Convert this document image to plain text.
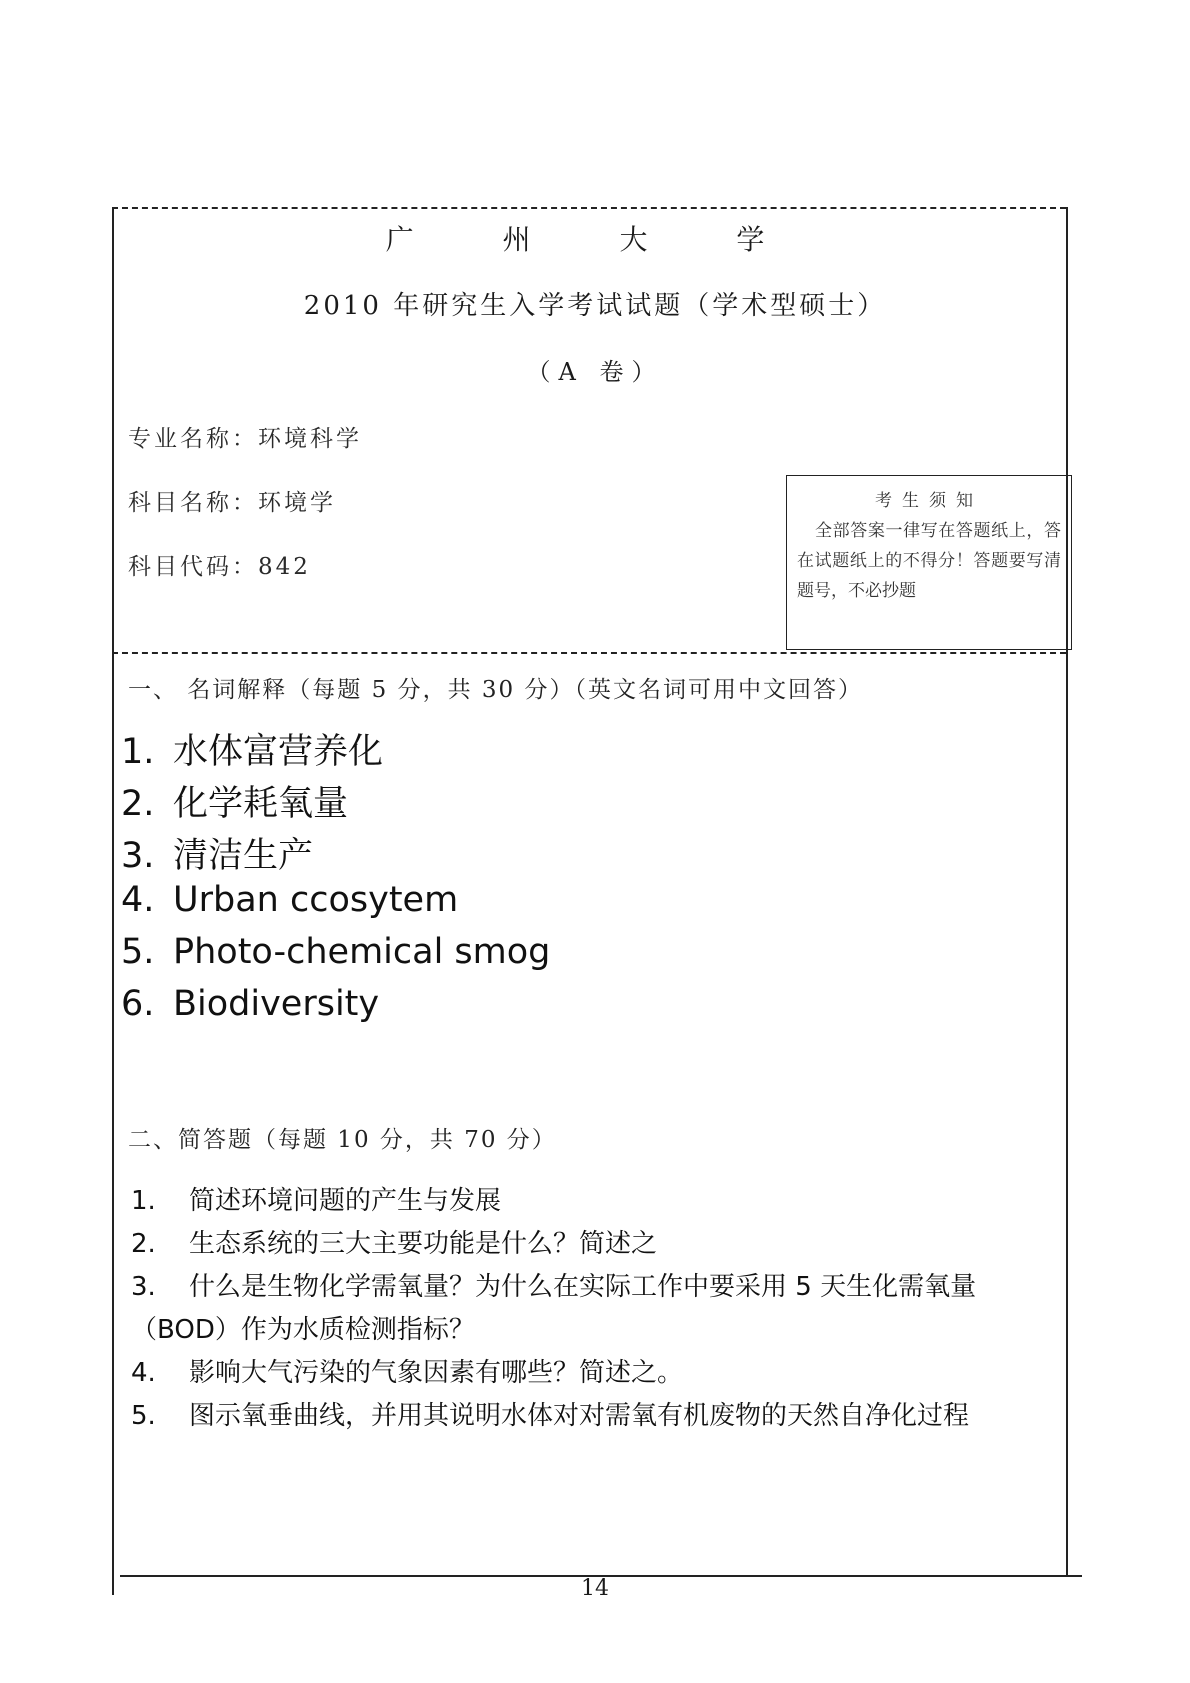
广 州 大 学
2010 年研究生入学考试试题（学术型硕士）
（A 卷）
专业名称：环境科学
科目名称：环境学
科目代码：842
考生须知
全部答案一律写在答题纸上，答在试题纸上的不得分！答题要写清题号，不必抄题
一、 名词解释（每题 5 分，共 30 分）（英文名词可用中文回答）
1. 水体富营养化
2. 化学耗氧量
3. 清洁生产
4. Urban ccosytem
5. Photo-chemical smog
6. Biodiversity
二、简答题（每题 10 分，共 70 分）
1. 简述环境问题的产生与发展
2. 生态系统的三大主要功能是什么？简述之
3. 什么是生物化学需氧量？为什么在实际工作中要采用 5 天生化需氧量
（BOD）作为水质检测指标？
4. 影响大气污染的气象因素有哪些？简述之。
5. 图示氧垂曲线，并用其说明水体对对需氧有机废物的天然自净化过程
14
